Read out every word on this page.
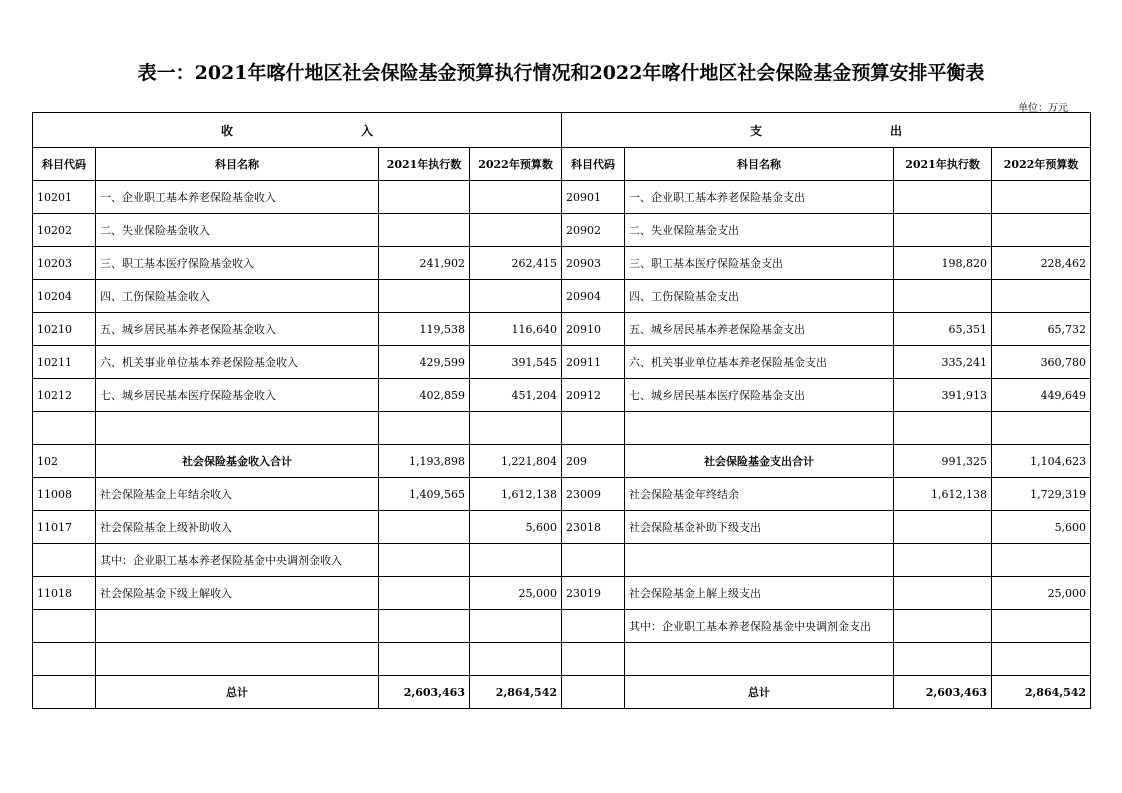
表一：2021年喀什地区社会保险基金预算执行情况和2022年喀什地区社会保险基金预算安排平衡表
单位：万元
收 入				支 出			

科目代码	科目名称	2021年执行数	2022年预算数	科目代码	科目名称	2021年执行数	2022年预算数
10201	一、企业职工基本养老保险基金收入			20901	一、企业职工基本养老保险基金支出		
10202	二、失业保险基金收入			20902	二、失业保险基金支出		
10203	三、职工基本医疗保险基金收入	241,902	262,415	20903	三、职工基本医疗保险基金支出	198,820	228,462
10204	四、工伤保险基金收入			20904	四、工伤保险基金支出		
10210	五、城乡居民基本养老保险基金收入	119,538	116,640	20910	五、城乡居民基本养老保险基金支出	65,351	65,732
10211	六、机关事业单位基本养老保险基金收入	429,599	391,545	20911	六、机关事业单位基本养老保险基金支出	335,241	360,780
10212	七、城乡居民基本医疗保险基金收入	402,859	451,204	20912	七、城乡居民基本医疗保险基金支出	391,913	449,649

102	社会保险基金收入合计	1,193,898	1,221,804	209	社会保险基金支出合计	991,325	1,104,623
11008	社会保险基金上年结余收入	1,409,565	1,612,138	23009	社会保险基金年终结余	1,612,138	1,729,319
11017	社会保险基金上级补助收入		5,600	23018	社会保险基金补助下级支出		5,600
	其中：企业职工基本养老保险基金中央调剂金收入						
11018	社会保险基金下级上解收入		25,000	23019	社会保险基金上解上级支出		25,000
					其中：企业职工基本养老保险基金中央调剂金支出		

	总计	2,603,463	2,864,542		总计	2,603,463	2,864,542
